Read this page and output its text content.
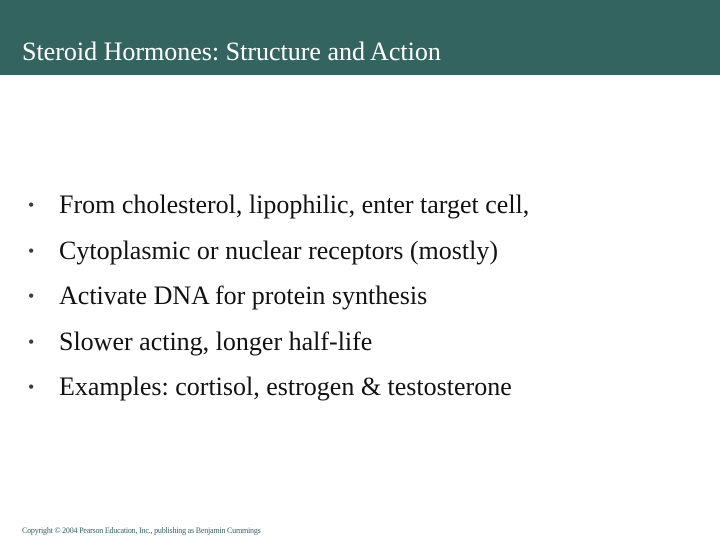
Steroid Hormones: Structure and Action
• From cholesterol, lipophilic, enter target cell,
• Cytoplasmic or nuclear receptors (mostly)
• Activate DNA for protein synthesis
• Slower acting, longer half-life
• Examples: cortisol, estrogen & testosterone
Copyright © 2004 Pearson Education, Inc., publishing as Benjamin Cummings
